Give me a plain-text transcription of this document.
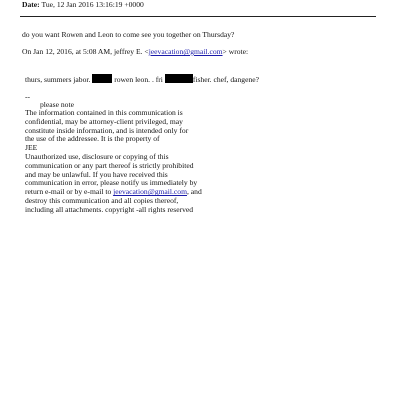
Date: Tue, 12 Jan 2016 13:16:19 +0000
do you want Rowen and Leon to come see you together on Thursday?
On Jan 12, 2016, at 5:08 AM, jeffrey E. <jeevacation@gmail.com> wrote:
thurs, summers jabor.	rowen leon. . fri	fisher. chef, dangene?
--
please note
The information contained in this communication is
confidential, may be attorney-client privileged, may
constitute inside information, and is intended only for
the use of the addressee. It is the property of
JEE
Unauthorized use, disclosure or copying of this
communication or any part thereof is strictly prohibited
and may be unlawful. If you have received this
communication in error, please notify us immediately by
return e-mail or by e-mail to jeevacation@gmail.com, and
destroy this communication and all copies thereof,
including all attachments. copyright -all rights reserved
